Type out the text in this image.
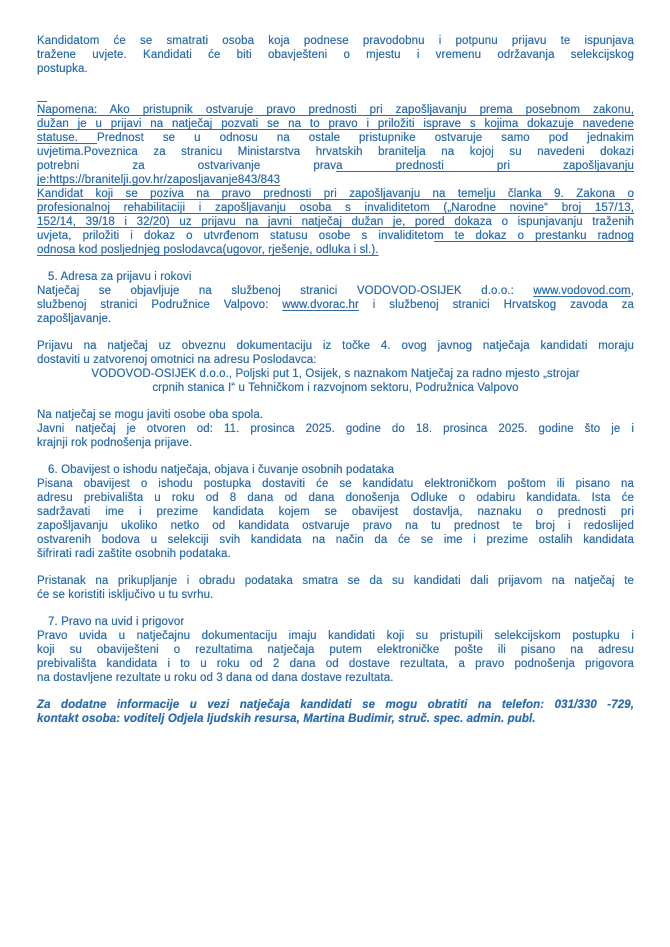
Kandidatom će se smatrati osoba koja podnese pravodobnu i potpunu prijavu te ispunjava
tražene uvjete. Kandidati će biti obavješteni o mjestu i vremenu održavanja selekcijskog
postupka.

Napomena: Ako pristupnik ostvaruje pravo prednosti pri zapošljavanju prema posebnom zakonu,
dužan je u prijavi na natječaj pozvati se na to pravo i priložiti isprave s kojima dokazuje navedene
statuse. Prednost se u odnosu na ostale pristupnike ostvaruje samo pod jednakim
uvjetima.Poveznica za stranicu Ministarstva hrvatskih branitelja na kojoj su navedeni dokazi
potrebni za ostvarivanje prava prednosti pri zapošljavanju
je:https://branitelji.gov.hr/zaposljavanje843/843
Kandidat koji se poziva na pravo prednosti pri zapošljavanju na temelju članka 9. Zakona o
profesionalnoj rehabilitaciji i zapošljavanju osoba s invaliditetom („Narodne novine“ broj 157/13,
152/14, 39/18 i 32/20) uz prijavu na javni natječaj dužan je, pored dokaza o ispunjavanju traženih
uvjeta, priložiti i dokaz o utvrđenom statusu osobe s invaliditetom te dokaz o prestanku radnog
odnosa kod posljednjeg poslodavca(ugovor, rješenje, odluka i sl.).
5. Adresa za prijavu i rokovi
Natječaj se objavljuje na službenoj stranici VODOVOD-OSIJEK d.o.o.: www.vodovod.com,
službenoj stranici Podružnice Valpovo: www.dvorac.hr i službenoj stranici Hrvatskog zavoda za
zapošljavanje.
Prijavu na natječaj uz obveznu dokumentaciju iz točke 4. ovog javnog natječaja kandidati moraju
dostaviti u zatvorenoj omotnici na adresu Poslodavca:
VODOVOD-OSIJEK d.o.o., Poljski put 1, Osijek, s naznakom Natječaj za radno mjesto „strojar
crpnih stanica I“ u Tehničkom i razvojnom sektoru, Podružnica Valpovo
Na natječaj se mogu javiti osobe oba spola.
Javni natječaj je otvoren od: 11. prosinca 2025. godine do 18. prosinca 2025. godine što je i
krajnji rok podnošenja prijave.
6. Obavijest o ishodu natječaja, objava i čuvanje osobnih podataka
Pisana obavijest o ishodu postupka dostaviti će se kandidatu elektroničkom poštom ili pisano na
adresu prebivališta u roku od 8 dana od dana donošenja Odluke o odabiru kandidata. Ista će
sadržavati ime i prezime kandidata kojem se obavijest dostavlja, naznaku o prednosti pri
zapošljavanju ukoliko netko od kandidata ostvaruje pravo na tu prednost te broj i redoslijed
ostvarenih bodova u selekciji svih kandidata na način da će se ime i prezime ostalih kandidata
šifrirati radi zaštite osobnih podataka.
Pristanak na prikupljanje i obradu podataka smatra se da su kandidati dali prijavom na natječaj te
će se koristiti isključivo u tu svrhu.
7. Pravo na uvid i prigovor
Pravo uvida u natječajnu dokumentaciju imaju kandidati koji su pristupili selekcijskom postupku i
koji su obaviješteni o rezultatima natječaja putem elektroničke pošte ili pisano na adresu
prebivališta kandidata i to u roku od 2 dana od dostave rezultata, a pravo podnošenja prigovora
na dostavljene rezultate u roku od 3 dana od dana dostave rezultata.
Za dodatne informacije u vezi natječaja kandidati se mogu obratiti na telefon: 031/330 -729,
kontakt osoba: voditelj Odjela ljudskih resursa, Martina Budimir, struč. spec. admin. publ.
